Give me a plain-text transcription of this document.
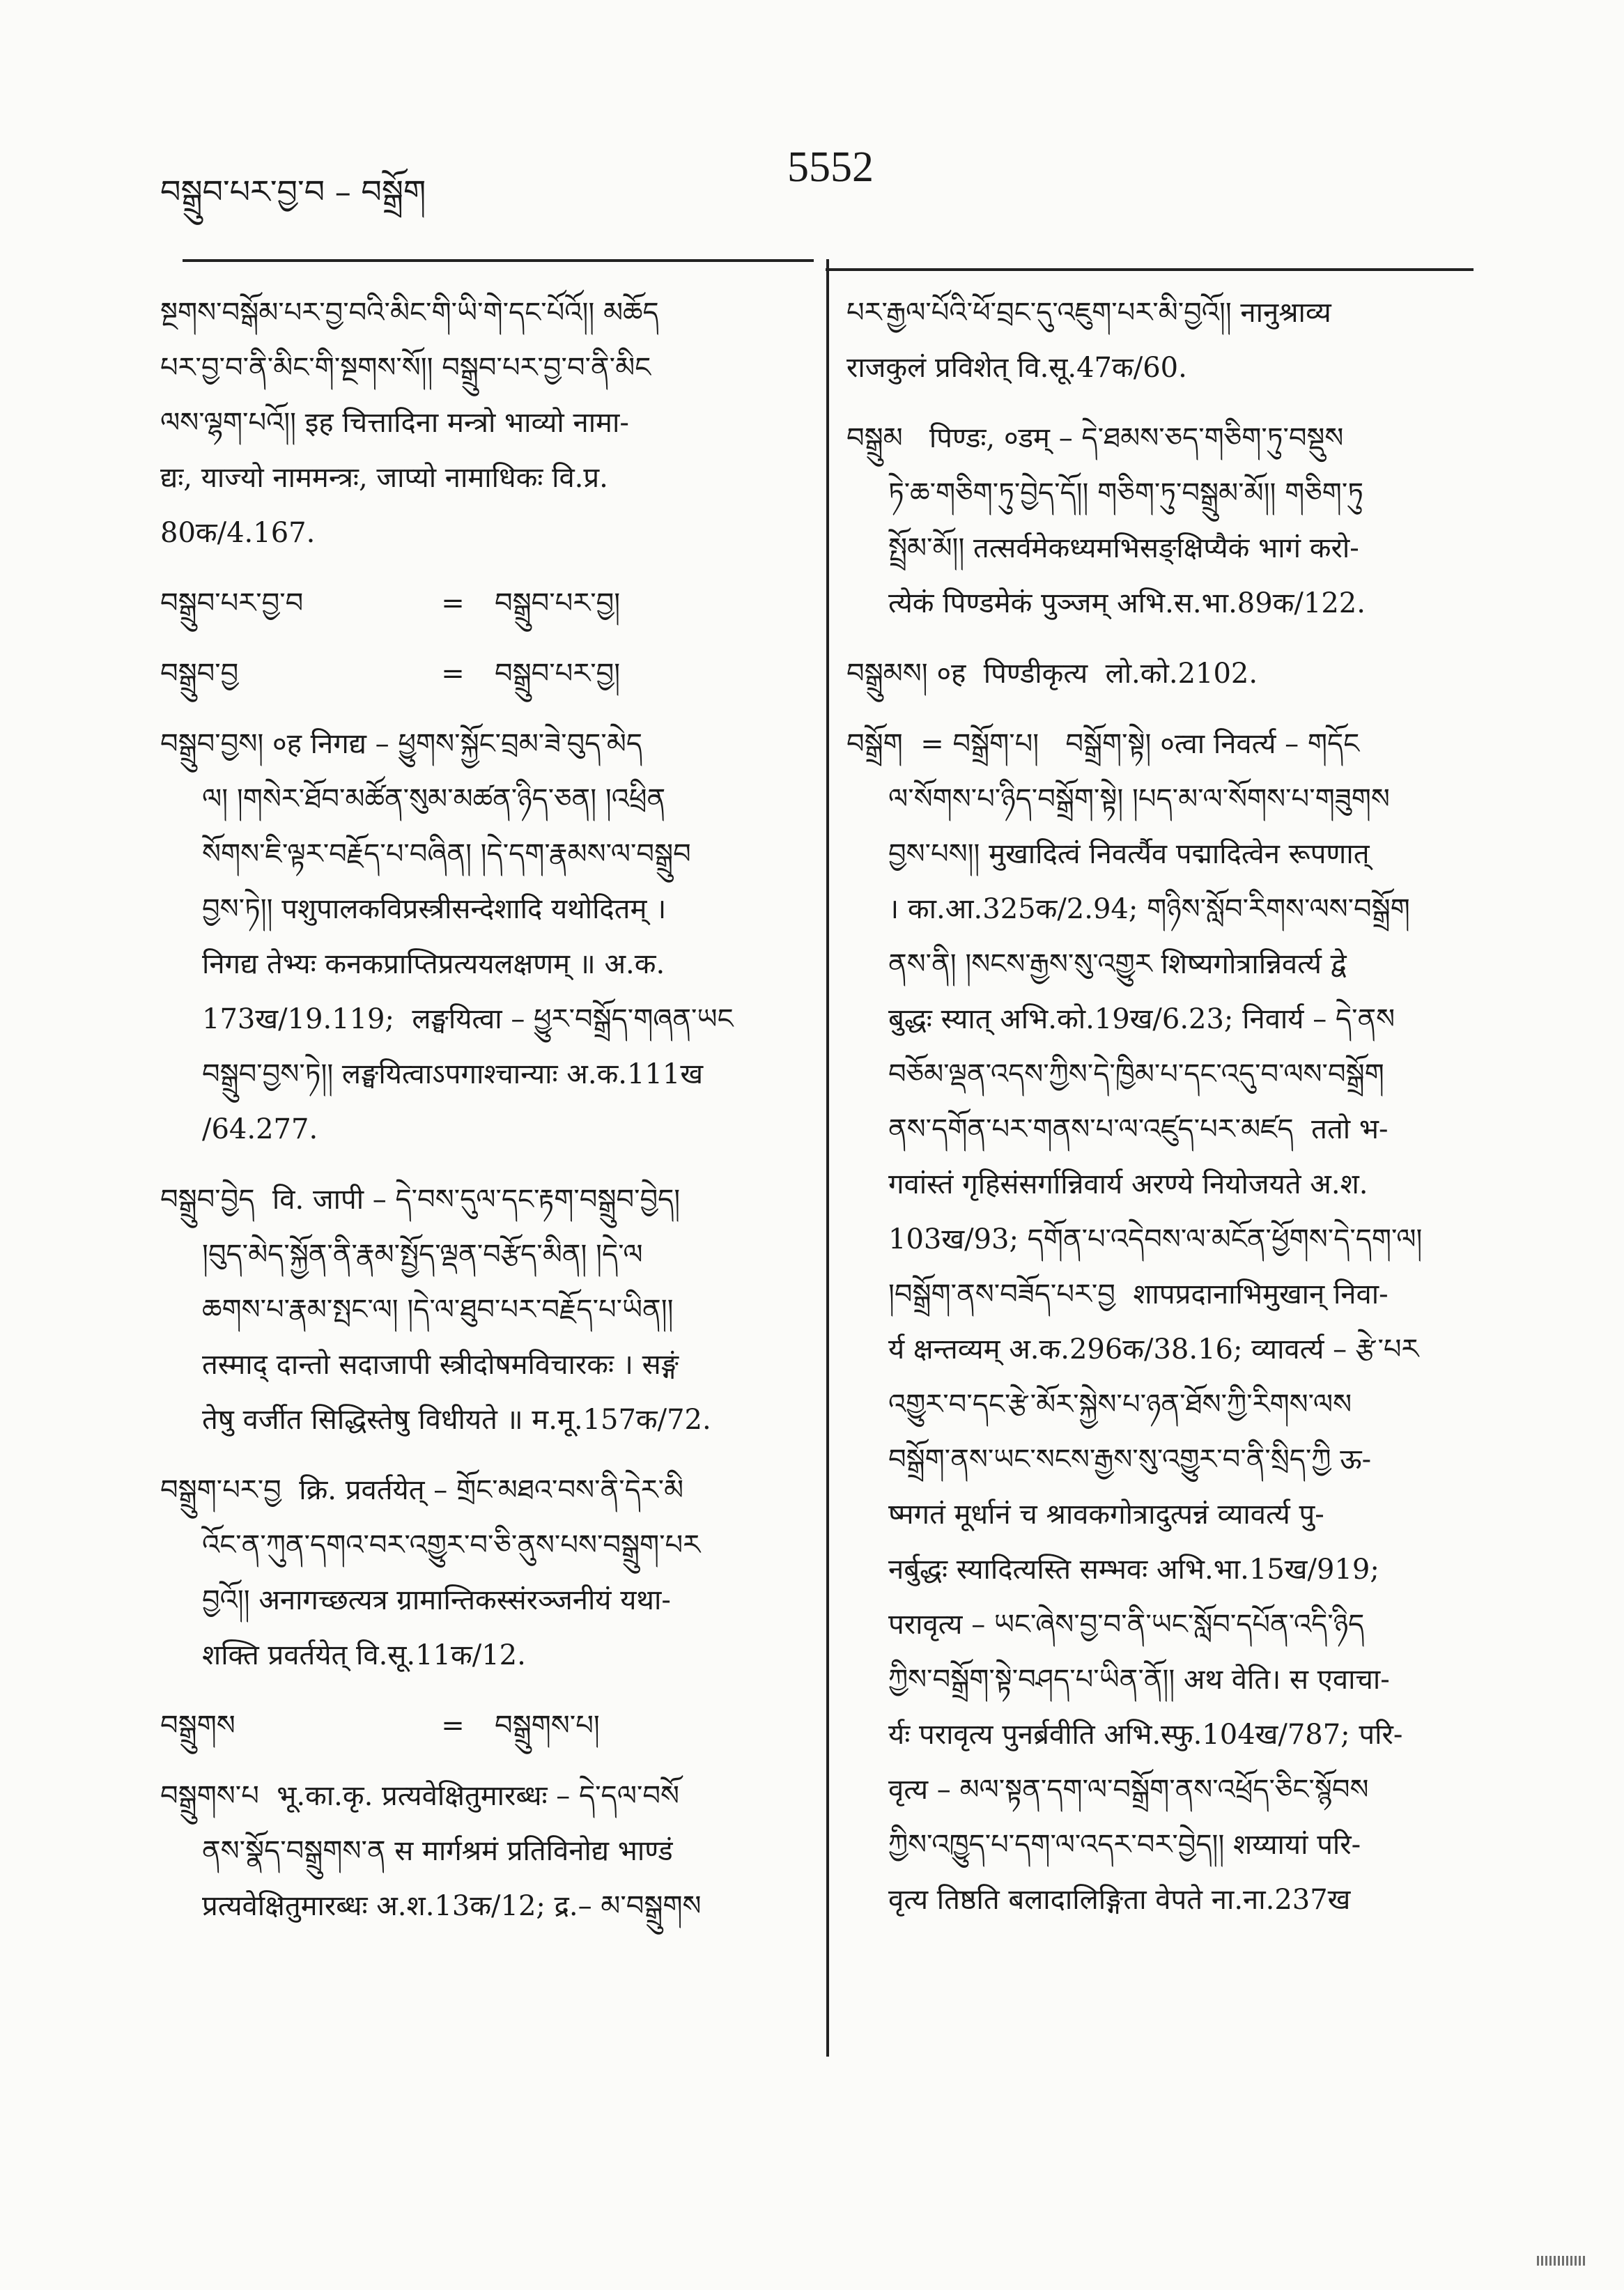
བསྒྲུབ་པར་བྱ་བ – བསྒྲོག
5552

སྔགས་བསྒོམ་པར་བྱ་བའི་མིང་གི་ཡི་གེ་དང་པོའོ།། མཆོད

པར་བྱ་བ་ནི་མིང་གི་སྔགས་སོ།། བསྒྲུབ་པར་བྱ་བ་ནི་མིང

ལས་ལྷག་པའོ།། इह चित्तादिना मन्त्रो भाव्यो नामा-

द्यः, याज्यो नाममन्त्रः, जाप्यो नामाधिकः वि.प्र.

80क/4.167.

བསྒྲུབ་པར་བྱ་བ	=	བསྒྲུབ་པར་བྱ།
བསྒྲུབ་བྱ	=	བསྒྲུབ་པར་བྱ།

བསྒྲུབ་བྱས། ०ह निगद्य – ཕྱུགས་སྐྱོང་བྲམ་ཟེ་བུད་མེད

ལ། །གསེར་ཐོབ་མཚོན་སུམ་མཚན་ཉིད་ཅན། །འཕྲིན

སོགས་ཇི་ལྟར་བརྗོད་པ་བཞིན། །དེ་དག་རྣམས་ལ་བསྒྲུབ

བྱས་ཏེ།། पशुपालकविप्रस्त्रीसन्देशादि यथोदितम् ।

निगद्य तेभ्यः कनकप्राप्तिप्रत्ययलक्षणम् ॥ अ.क.

173ख/19.119;  लङ्घयित्वा – ཕྱུར་བསྒྲོད་གཞན་ཡང

བསྒྲུབ་བྱས་ཏེ།། लङ्घयित्वाऽपगाश्चान्याः अ.क.111ख

/64.277.

བསྒྲུབ་བྱེད  वि. जापी – དེ་བས་དུལ་དང་རྟག་བསྒྲུབ་བྱེད།

།བུད་མེད་སྐྱོན་ནི་རྣམ་སྤྱོད་ལྡན་བརྩོད་མིན། །དེ་ལ

ཆགས་པ་རྣམ་སྤང་ལ། །དེ་ལ་ཐུབ་པར་བརྗོད་པ་ཡིན།།

तस्माद् दान्तो सदाजापी स्त्रीदोषमविचारकः । सङ्गं

तेषु वर्जीत सिद्धिस्तेषु विधीयते ॥ म.मू.157क/72.

བསྒྲུག་པར་བྱ  क्रि. प्रवर्तयेत् – གྲོང་མཐའ་བས་ནི་དེར་མི

འོང་ན་ཀུན་དགའ་བར་འགྱུར་བ་ཅི་ནུས་པས་བསྒྲུག་པར

བྱའོ།། अनागच्छत्यत्र ग्रामान्तिकस्संरञ्जनीयं यथा-

शक्ति प्रवर्तयेत् वि.सू.11क/12.

བསྒྲུགས	=	བསྒྲུགས་པ།

བསྒྲུགས་པ  भू.का.कृ. प्रत्यवेक्षितुमारब्धः – དེ་དལ་བསོ

ནས་སྣོད་བསྒྲུགས་ན स मार्गश्रमं प्रतिविनोद्य भाण्डं

प्रत्यवेक्षितुमारब्धः अ.श.13क/12; द्र.– མ་བསྒྲུགས

པར་རྒྱལ་པོའི་ཕོ་བྲང་དུ་འཇུག་པར་མི་བྱའོ།། नानुश्राव्य

राजकुलं प्रविशेत् वि.सू.47क/60.

བསྒྲུམ   पिण्डः, ०डम् – དེ་ཐམས་ཅད་གཅིག་ཏུ་བསྡུས

ཏེ་ཆ་གཅིག་ཏུ་བྱེད་དོ།། གཅིག་ཏུ་བསྒྲུམ་མོ།། གཅིག་ཏུ

སྤྲོམ་མོ།། तत्सर्वमेकध्यमभिसङ्क्षिप्यैकं भागं करो-

त्येकं पिण्डमेकं पुञ्जम् अभि.स.भा.89क/122.

བསྒྲུམས། ०ह  पिण्डीकृत्य  लो.को.2102.

བསྒྲོག  = བསྒྲོག་པ།   བསྒྲོག་སྟེ། ०त्वा निवर्त्य – གདོང

ལ་སོགས་པ་ཉིད་བསྒྲོག་སྟེ། །པད་མ་ལ་སོགས་པ་གཟུགས

བྱས་པས།། मुखादित्वं निवर्त्यैव पद्मादित्वेन रूपणात्

। का.आ.325क/2.94; གཉིས་སློབ་རིགས་ལས་བསྒྲོག

ནས་ནི། །སངས་རྒྱས་སུ་འགྱུར शिष्यगोत्रान्निवर्त्य द्वे

बुद्धः स्यात् अभि.को.19ख/6.23; निवार्य – དེ་ནས

བཅོམ་ལྡན་འདས་ཀྱིས་དེ་ཁྱིམ་པ་དང་འདུ་བ་ལས་བསྒྲོག

ནས་དགོན་པར་གནས་པ་ལ་འཛུད་པར་མཛད  ततो भ-

गवांस्तं गृहिसंसर्गान्निवार्य अरण्ये नियोजयते अ.श.

103ख/93; དགོན་པ་འདེབས་ལ་མངོན་ཕྱོགས་དེ་དག་ལ།

།བསྒྲོག་ནས་བཟོད་པར་བྱ  शापप्रदानाभिमुखान् निवा-

र्य क्षन्तव्यम् अ.क.296क/38.16; व्यावर्त्य – རྩེ་པར

འགྱུར་བ་དང་རྩེ་མོར་སྐྱེས་པ་ཉན་ཐོས་ཀྱི་རིགས་ལས

བསྒྲོག་ནས་ཡང་སངས་རྒྱས་སུ་འགྱུར་བ་ནི་སྲིད་ཀྱི ऊ-

ष्मगतं मूर्धानं च श्रावकगोत्रादुत्पन्नं व्यावर्त्य पु-

नर्बुद्धः स्यादित्यस्ति सम्भवः अभि.भा.15ख/919;

परावृत्य – ཡང་ཞེས་བྱ་བ་ནི་ཡང་སློབ་དཔོན་འདི་ཉིད

ཀྱིས་བསྒྲོག་སྟེ་བཤད་པ་ཡིན་ནོ།། अथ वेति। स एवाचा-

र्यः परावृत्य पुनर्ब्रवीति अभि.स्फु.104ख/787; परि-

वृत्य – མལ་སྟན་དག་ལ་བསྒྲོག་ནས་འཕྲོད་ཅིང་སྙོབས

ཀྱིས་འཁྱུད་པ་དག་ལ་འདར་བར་བྱེད།། शय्यायां परि-

वृत्य तिष्ठति बलादालिङ्गिता वेपते ना.ना.237ख
